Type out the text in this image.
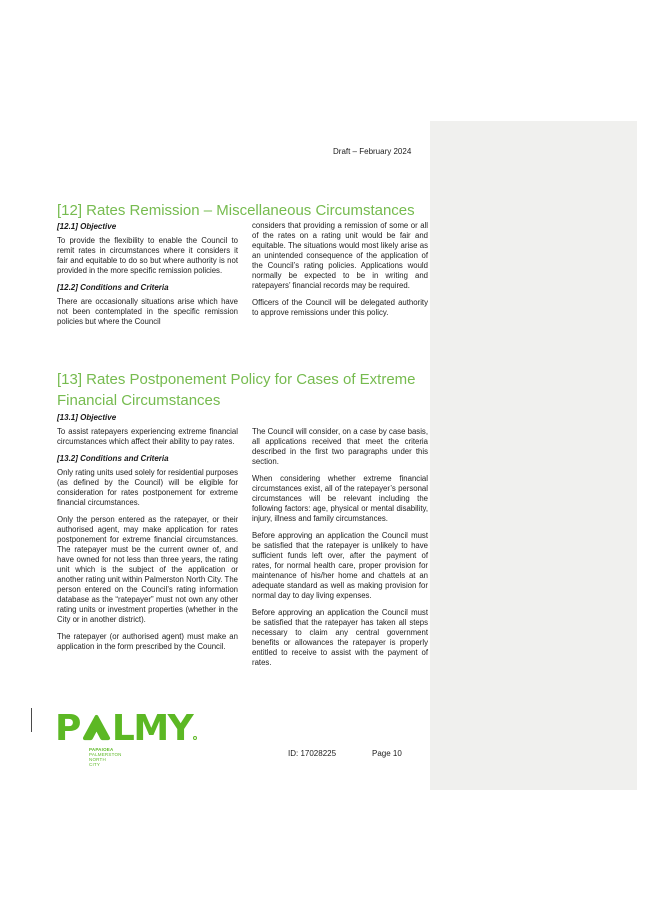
Draft – February 2024
[12] Rates Remission – Miscellaneous Circumstances
[12.1] Objective

To provide the flexibility to enable the Council to remit rates in circumstances where it considers it fair and equitable to do so but where authority is not provided in the more specific remission policies.

[12.2] Conditions and Criteria

There are occasionally situations arise which have not been contemplated in the specific remission policies but where the Council

considers that providing a remission of some or all of the rates on a rating unit would be fair and equitable. The situations would most likely arise as an unintended consequence of the application of the Council’s rating policies. Applications would normally be expected to be in writing and ratepayers’ financial records may be required.

Officers of the Council will be delegated authority to approve remissions under this policy.

[13] Rates Postponement Policy for Cases of Extreme
Financial Circumstances
[13.1] Objective

To assist ratepayers experiencing extreme financial circumstances which affect their ability to pay rates.

[13.2] Conditions and Criteria

Only rating units used solely for residential purposes (as defined by the Council) will be eligible for consideration for rates postponement for extreme financial circumstances.

Only the person entered as the ratepayer, or their authorised agent, may make application for rates postponement for extreme financial circumstances. The ratepayer must be the current owner of, and have owned for not less than three years, the rating unit which is the subject of the application or another rating unit within Palmerston North City. The person entered on the Council’s rating information database as the “ratepayer” must not own any other rating units or investment properties (whether in the City or in another district).

The ratepayer (or authorised agent) must make an application in the form prescribed by the Council.

The Council will consider, on a case by case basis, all applications received that meet the criteria described in the first two paragraphs under this section.

When considering whether extreme financial circumstances exist, all of the ratepayer’s personal circumstances will be relevant including the following factors: age, physical or mental disability, injury, illness and family circumstances.

Before approving an application the Council must be satisfied that the ratepayer is unlikely to have sufficient funds left over, after the payment of rates, for normal health care, proper provision for maintenance of his/her home and chattels at an adequate standard as well as making provision for normal day to day living expenses.

Before approving an application the Council must be satisfied that the ratepayer has taken all steps necessary to claim any central government benefits or allowances the ratepayer is properly entitled to receive to assist with the payment of rates.

P LMY
PAPAIOEA
PALMERSTON
NORTH
CITY
ID: 17028225	Page 10
